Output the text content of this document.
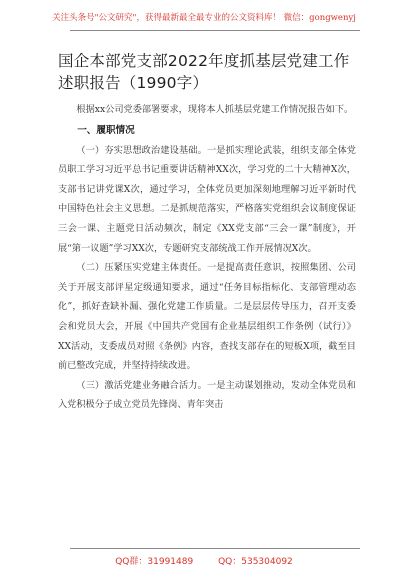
关注头条号"公文研究"，获得最新最全最专业的公文资料库！ 微信：gongwenyj
国企本部党支部2022年度抓基层党建工作述职报告（1990字）

根据xx公司党委部署要求，现将本人抓基层党建工作情况报告如下。

一、履职情况

（一）夯实思想政治建设基础。一是抓实理论武装，组织支部全体党员职工学习习近平总书记重要讲话精神XX次，学习党的二十大精神X次，支部书记讲党课X次，通过学习，全体党员更加深刻地理解习近平新时代中国特色社会主义思想。二是抓规范落实，严格落实党组织会议制度保证三会一课、主题党日活动频次，制定《XX党支部“三会一课”制度》，开展“第一议题”学习XX次，专题研究支部统战工作开展情况X次。

（二）压紧压实党建主体责任。一是提高责任意识，按照集团、公司关于开展支部评星定级通知要求，通过“任务目标指标化、支部管理动态化”，抓好查缺补漏、强化党建工作质量。二是层层传导压力，召开支委会和党员大会，开展《中国共产党国有企业基层组织工作条例（试行）》XX活动，支委成员对照《条例》内容，查找支部存在的短板X项，截至目前已整改完成，并坚持持续改进。

（三）激活党建业务融合活力。一是主动谋划推动，发动全体党员和入党积极分子成立党员先锋岗、青年突击

QQ群：31991489	QQ：535304092
